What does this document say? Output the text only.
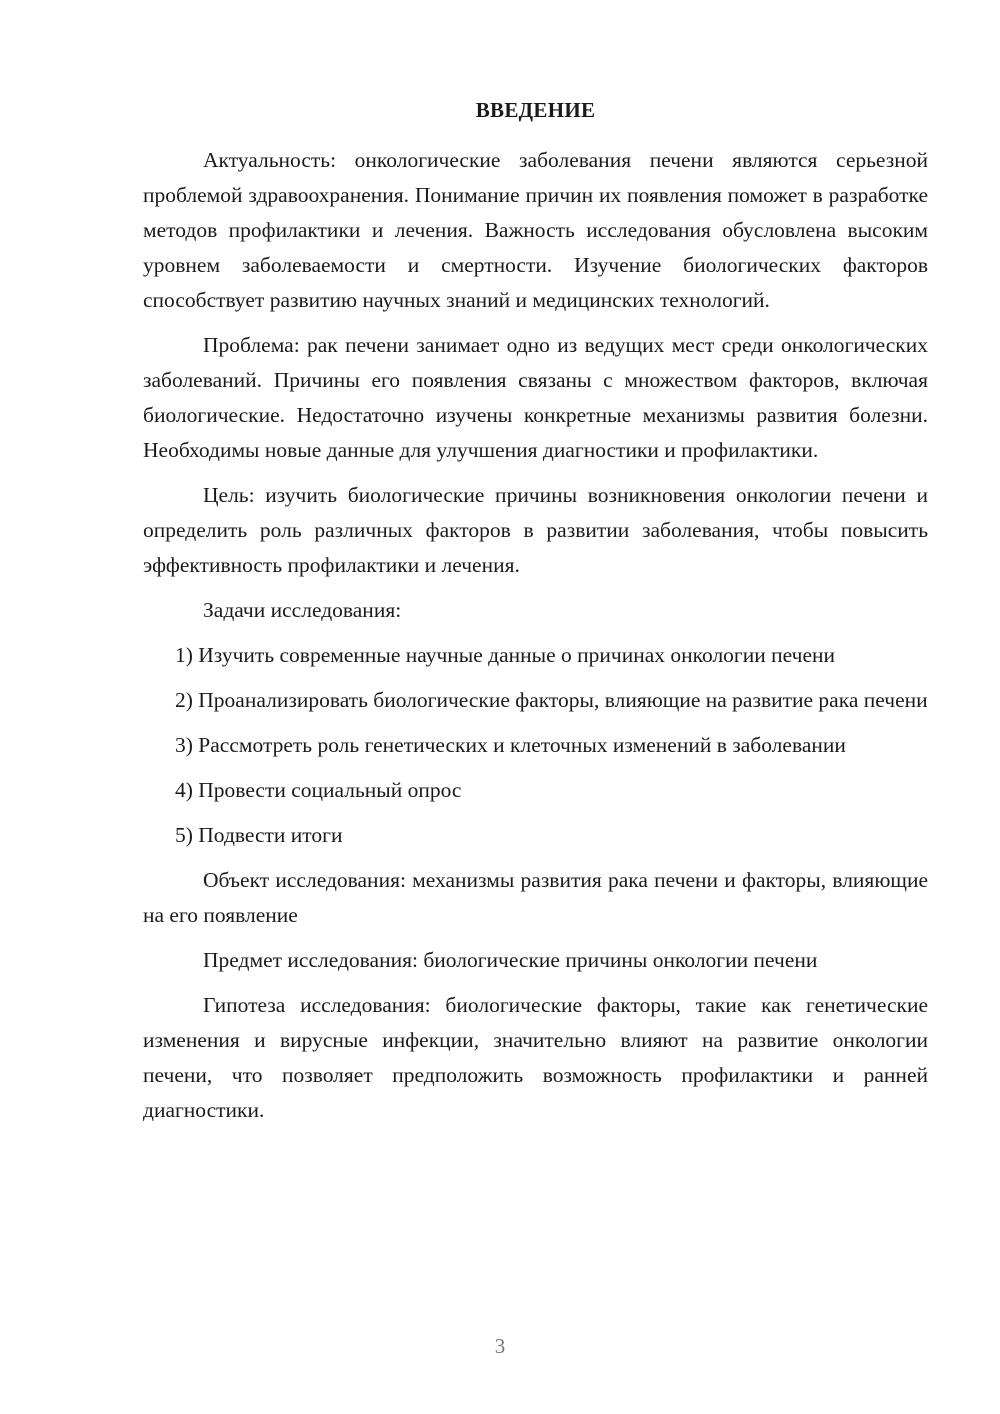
ВВЕДЕНИЕ

Актуальность: онкологические заболевания печени являются серьезной проблемой здравоохранения. Понимание причин их появления поможет в разработке методов профилактики и лечения. Важность исследования обусловлена высоким уровнем заболеваемости и смертности. Изучение биологических факторов способствует развитию научных знаний и медицинских технологий.

Проблема: рак печени занимает одно из ведущих мест среди онкологических заболеваний. Причины его появления связаны с множеством факторов, включая биологические. Недостаточно изучены конкретные механизмы развития болезни. Необходимы новые данные для улучшения диагностики и профилактики.

Цель: изучить биологические причины возникновения онкологии печени и определить роль различных факторов в развитии заболевания, чтобы повысить эффективность профилактики и лечения.

Задачи исследования:

1) Изучить современные научные данные о причинах онкологии печени

2) Проанализировать биологические факторы, влияющие на развитие рака печени

3) Рассмотреть роль генетических и клеточных изменений в заболевании

4) Провести социальный опрос

5) Подвести итоги

Объект исследования: механизмы развития рака печени и факторы, влияющие на его появление

Предмет исследования: биологические причины онкологии печени

Гипотеза исследования: биологические факторы, такие как генетические изменения и вирусные инфекции, значительно влияют на развитие онкологии печени, что позволяет предположить возможность профилактики и ранней диагностики.

3
